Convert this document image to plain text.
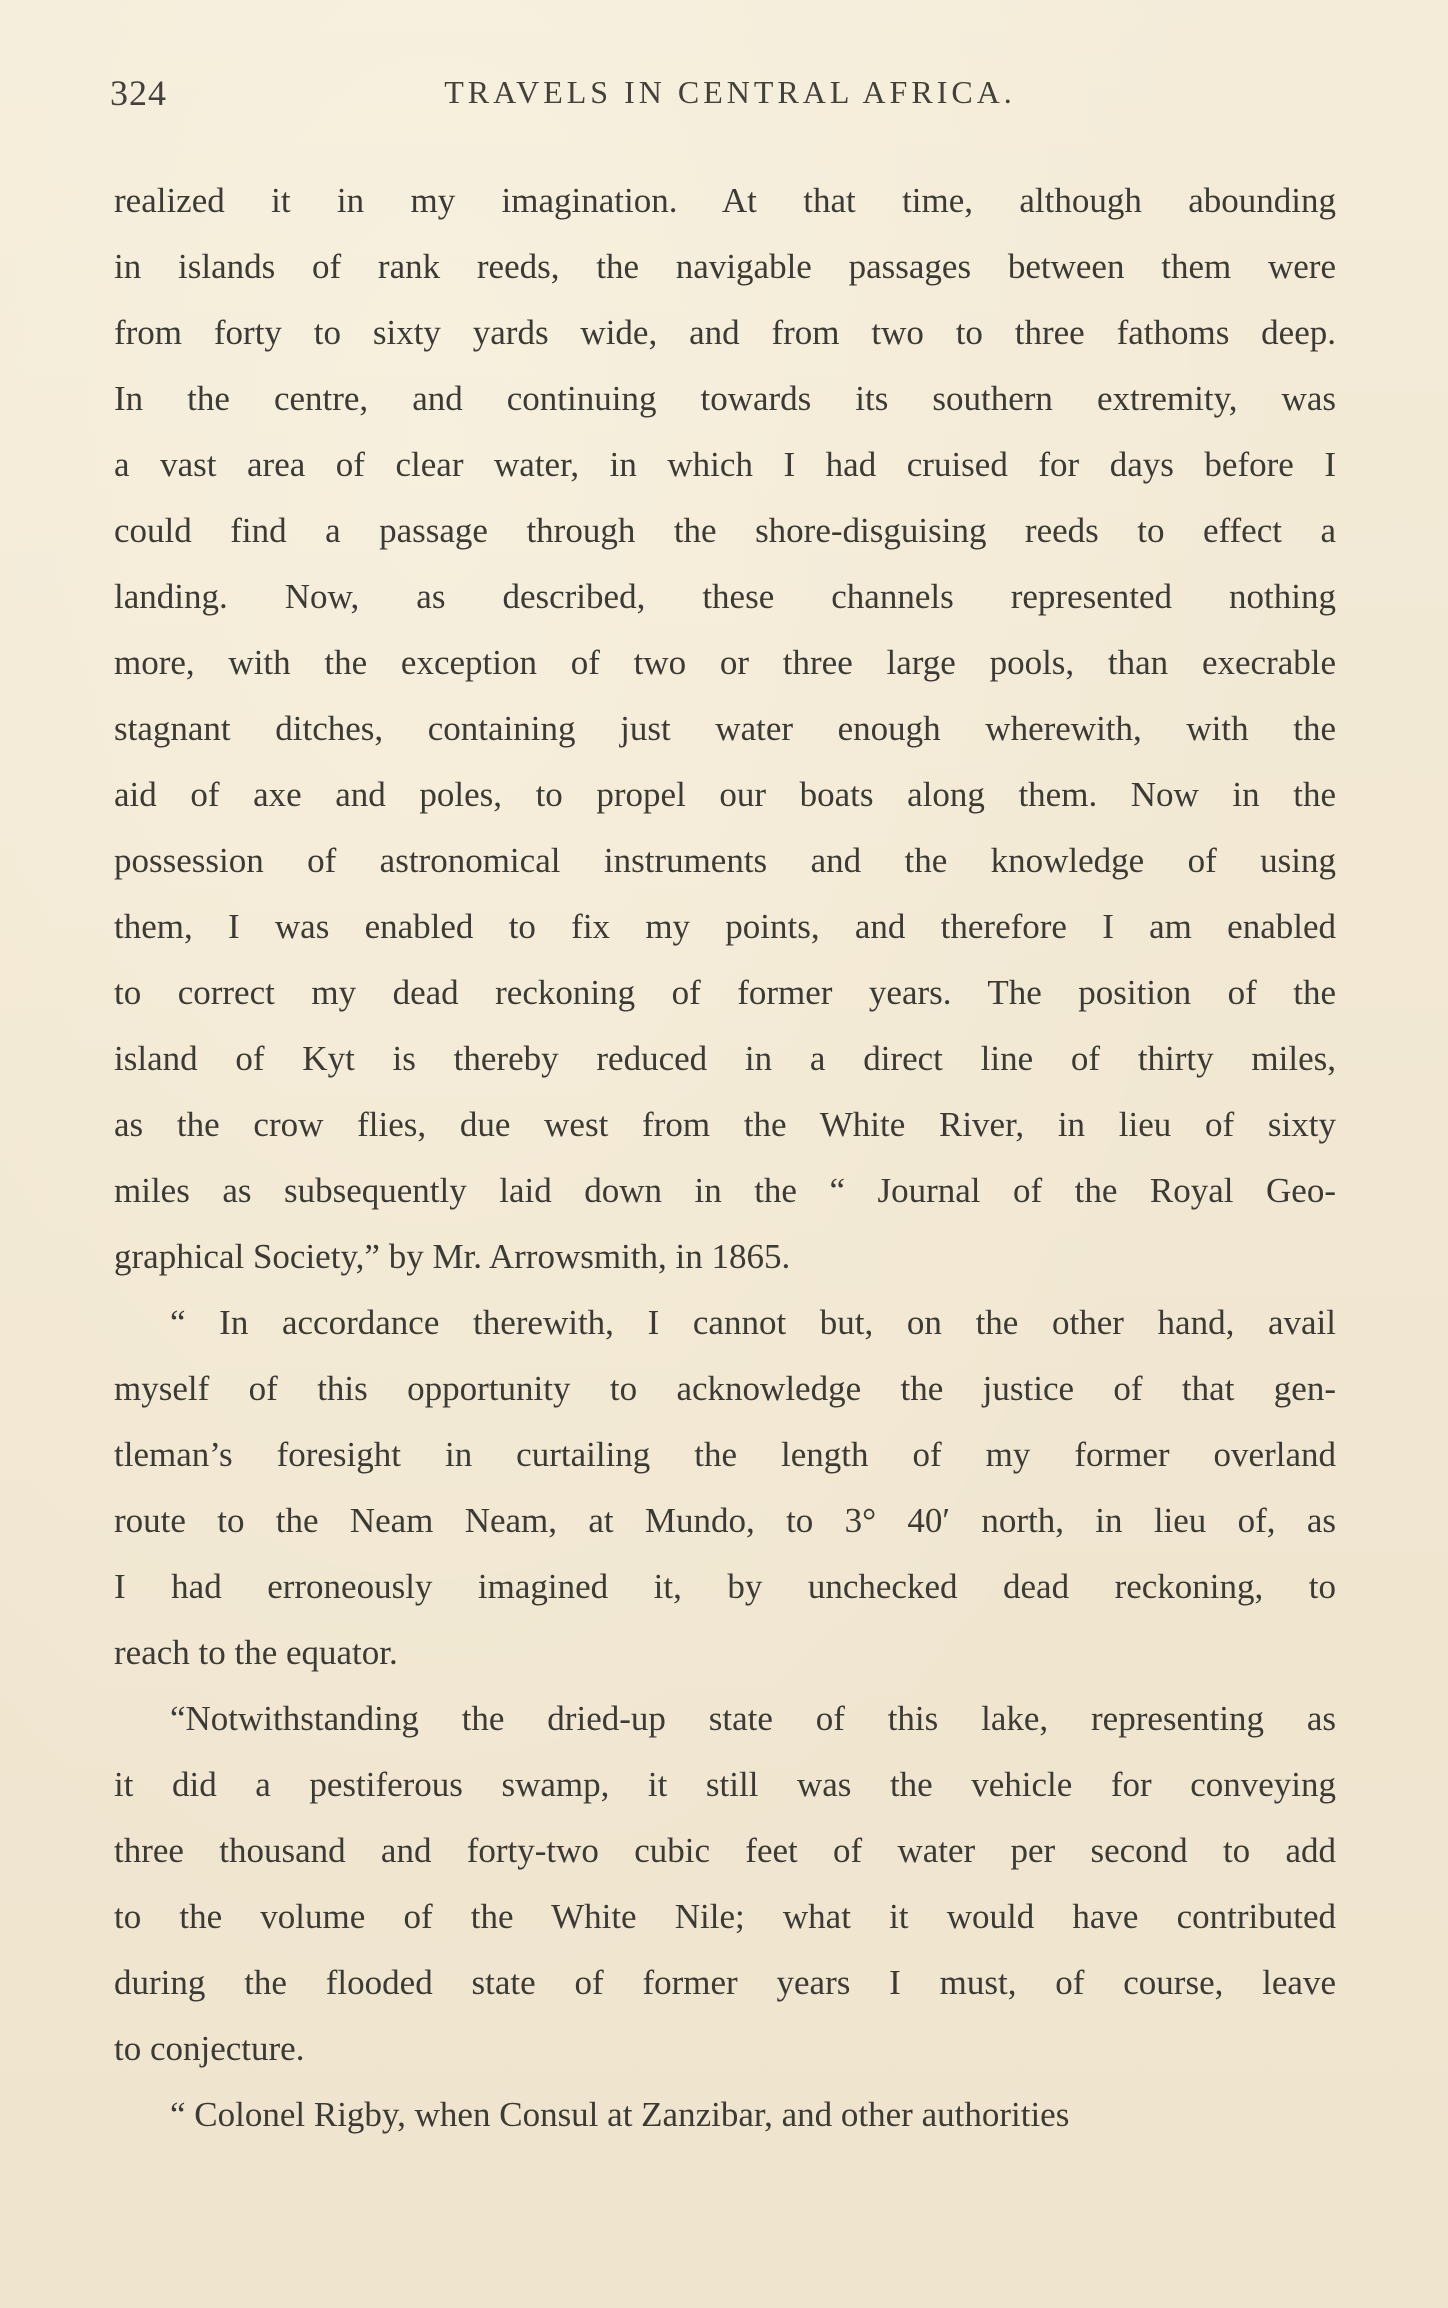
324	TRAVELS IN CENTRAL AFRICA.
realized it in my imagination. At that time, although abounding
in islands of rank reeds, the navigable passages between them were
from forty to sixty yards wide, and from two to three fathoms deep.
In the centre, and continuing towards its southern extremity, was
a vast area of clear water, in which I had cruised for days before I
could find a passage through the shore-disguising reeds to effect a
landing. Now, as described, these channels represented nothing
more, with the exception of two or three large pools, than execrable
stagnant ditches, containing just water enough wherewith, with the
aid of axe and poles, to propel our boats along them. Now in the
possession of astronomical instruments and the knowledge of using
them, I was enabled to fix my points, and therefore I am enabled
to correct my dead reckoning of former years. The position of the
island of Kyt is thereby reduced in a direct line of thirty miles,
as the crow flies, due west from the White River, in lieu of sixty
miles as subsequently laid down in the “ Journal of the Royal Geo-
graphical Society,” by Mr. Arrowsmith, in 1865.
“ In accordance therewith, I cannot but, on the other hand, avail
myself of this opportunity to acknowledge the justice of that gen-
tleman’s foresight in curtailing the length of my former overland
route to the Neam Neam, at Mundo, to 3° 40′ north, in lieu of, as
I had erroneously imagined it, by unchecked dead reckoning, to
reach to the equator.
“Notwithstanding the dried-up state of this lake, representing as
it did a pestiferous swamp, it still was the vehicle for conveying
three thousand and forty-two cubic feet of water per second to add
to the volume of the White Nile; what it would have contributed
during the flooded state of former years I must, of course, leave
to conjecture.
“ Colonel Rigby, when Consul at Zanzibar, and other authorities
